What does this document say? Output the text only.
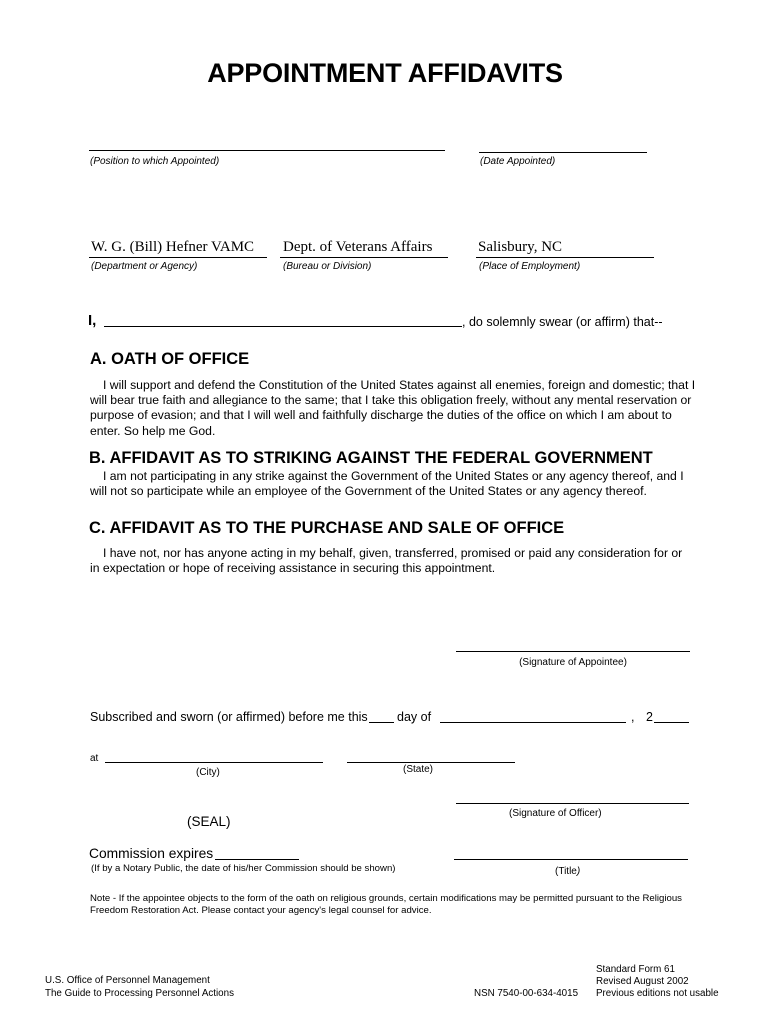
APPOINTMENT AFFIDAVITS
(Position to which Appointed)	(Date Appointed)
W. G. (Bill) Hefner VAMC
(Department or Agency)
Dept. of Veterans Affairs
(Bureau or Division)
Salisbury, NC
(Place of Employment)
I,	, do solemnly swear (or affirm) that--
A. OATH OF OFFICE
I will support and defend the Constitution of the United States against all enemies, foreign and domestic; that I will bear true faith and allegiance to the same; that I take this obligation freely, without any mental reservation or purpose of evasion; and that I will well and faithfully discharge the duties of the office on which I am about to enter. So help me God.
B. AFFIDAVIT AS TO STRIKING AGAINST THE FEDERAL GOVERNMENT
I am not participating in any strike against the Government of the United States or any agency thereof, and I will not so participate while an employee of the Government of the United States or any agency thereof.
C. AFFIDAVIT AS TO THE PURCHASE AND SALE OF OFFICE
I have not, nor has anyone acting in my behalf, given, transferred, promised or paid any consideration for or in expectation or hope of receiving assistance in securing this appointment.
(Signature of Appointee)
Subscribed and sworn (or affirmed) before me this day of	, 2
at
(City)	(State)
(Signature of Officer)
(SEAL)
Commission expires
(If by a Notary Public, the date of his/her Commission should be shown)	(Title)
Note - If the appointee objects to the form of the oath on religious grounds, certain modifications may be permitted pursuant to the Religious Freedom Restoration Act. Please contact your agency's legal counsel for advice.
U.S. Office of Personnel Management
The Guide to Processing Personnel Actions	NSN 7540-00-634-4015
Standard Form 61
Revised August 2002
Previous editions not usable
